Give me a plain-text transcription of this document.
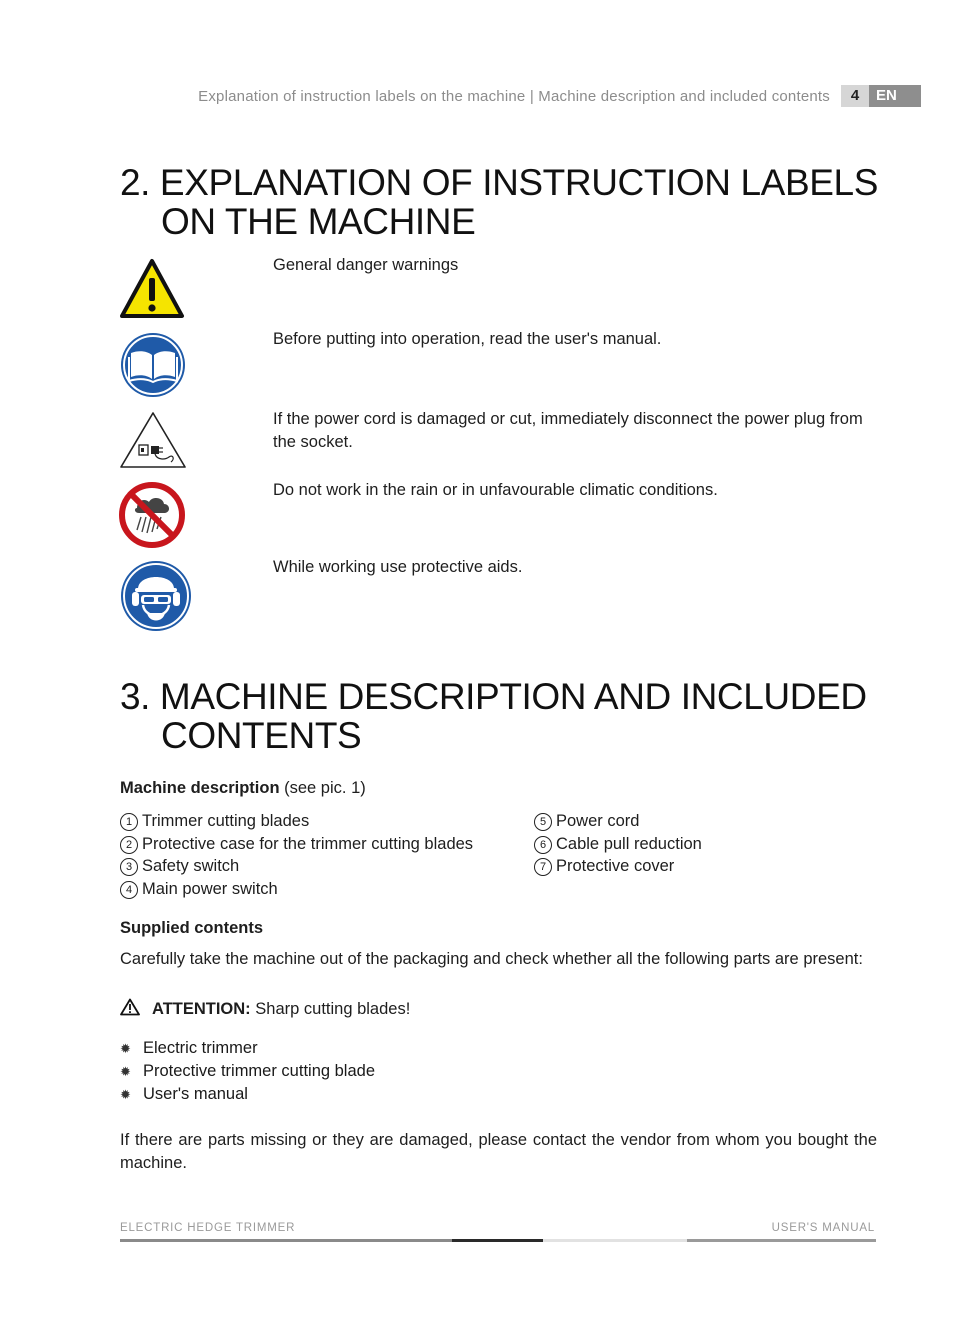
Explanation of instruction labels on the machine | Machine description and included contents	4	EN
2. EXPLANATION OF INSTRUCTION LABELS
ON THE MACHINE
General danger warnings
Before putting into operation, read the user's manual.
If the power cord is damaged or cut, immediately disconnect the power plug from the socket.
Do not work in the rain or in unfavourable climatic conditions.
While working use protective aids.
3. MACHINE DESCRIPTION AND INCLUDED
CONTENTS
Machine description (see pic. 1)
1 Trimmer cutting blades
2 Protective case for the trimmer cutting blades
3 Safety switch
4 Main power switch
5 Power cord
6 Cable pull reduction
7 Protective cover
Supplied contents
Carefully take the machine out of the packaging and check whether all the following parts are present:
ATTENTION: Sharp cutting blades!
✹ Electric trimmer
✹ Protective trimmer cutting blade
✹ User's manual
If there are parts missing or they are damaged, please contact the vendor from whom you bought the machine.
ELECTRIC HEDGE TRIMMER	USER'S MANUAL
